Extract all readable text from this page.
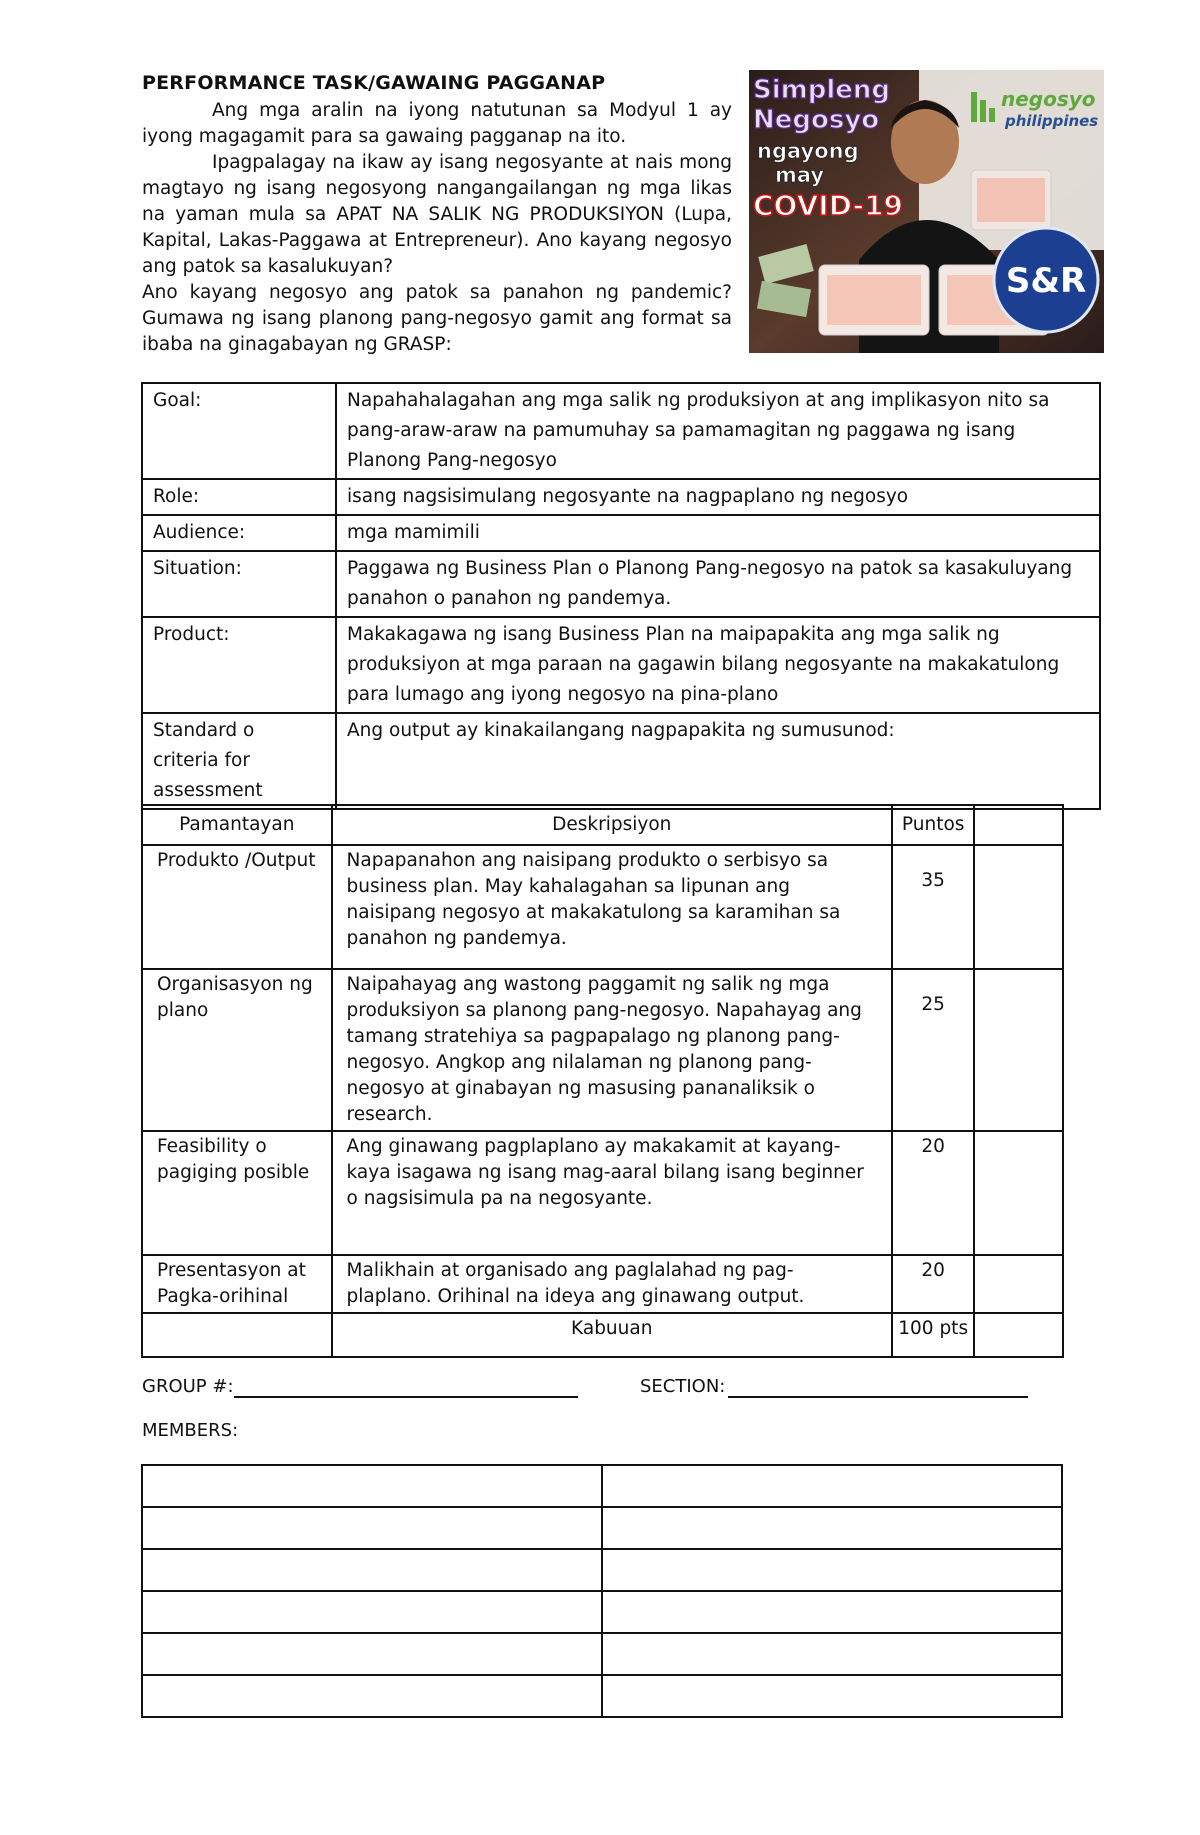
PERFORMANCE TASK/GAWAING PAGGANAP

Ang mga aralin na iyong natutunan sa Modyul 1 ay iyong magagamit para sa gawaing pagganap na ito.

Ipagpalagay na ikaw ay isang negosyante at nais mong magtayo ng isang negosyong nangangailangan ng mga likas na yaman mula sa APAT NA SALIK NG PRODUKSIYON (Lupa, Kapital, Lakas-Paggawa at Entrepreneur). Ano kayang negosyo ang patok sa kasalukuyan?

Ano kayang negosyo ang patok sa panahon ng pandemic? Gumawa ng isang planong pang-negosyo gamit ang format sa ibaba na ginagabayan ng GRASP:

Simpleng
Negosyo
ngayong
may
COVID-19
negosyo
philippines
S&R
Goal:	Napahahalagahan ang mga salik ng produksiyon at ang implikasyon nito sa pang-araw-araw na pamumuhay sa pamamagitan ng paggawa ng isang Planong Pang-negosyo
Role:	isang nagsisimulang negosyante na nagpaplano ng negosyo
Audience:	mga mamimili
Situation:	Paggawa ng Business Plan o Planong Pang-negosyo na patok sa kasakuluyang panahon o panahon ng pandemya.
Product:	Makakagawa ng isang Business Plan na maipapakita ang mga salik ng produksiyon at mga paraan na gagawin bilang negosyante na makakatulong para lumago ang iyong negosyo na pina-plano
Standard o criteria for assessment	Ang output ay kinakailangang nagpapakita ng sumusunod:
Pamantayan	Deskripsiyon	Puntos	
Produkto /Output	Napapanahon ang naisipang produkto o serbisyo sa business plan. May kahalagahan sa lipunan ang naisipang negosyo at makakatulong sa karamihan sa panahon ng pandemya.	35	
Organisasyon ng plano	Naipahayag ang wastong paggamit ng salik ng mga produksiyon sa planong pang-negosyo. Napahayag ang tamang stratehiya sa pagpapalago ng planong pang-negosyo. Angkop ang nilalaman ng planong pang-negosyo at ginabayan ng masusing pananaliksik o research.	25	
Feasibility o pagiging posible	Ang ginawang pagplaplano ay makakamit at kayang-kaya isagawa ng isang mag-aaral bilang isang beginner o nagsisimula pa na negosyante.	20	
Presentasyon at Pagka-orihinal	Malikhain at organisado ang paglalahad ng pag-plaplano. Orihinal na ideya ang ginawang output.	20	
	Kabuuan	100 pts	
GROUP #:	SECTION:
MEMBERS:
